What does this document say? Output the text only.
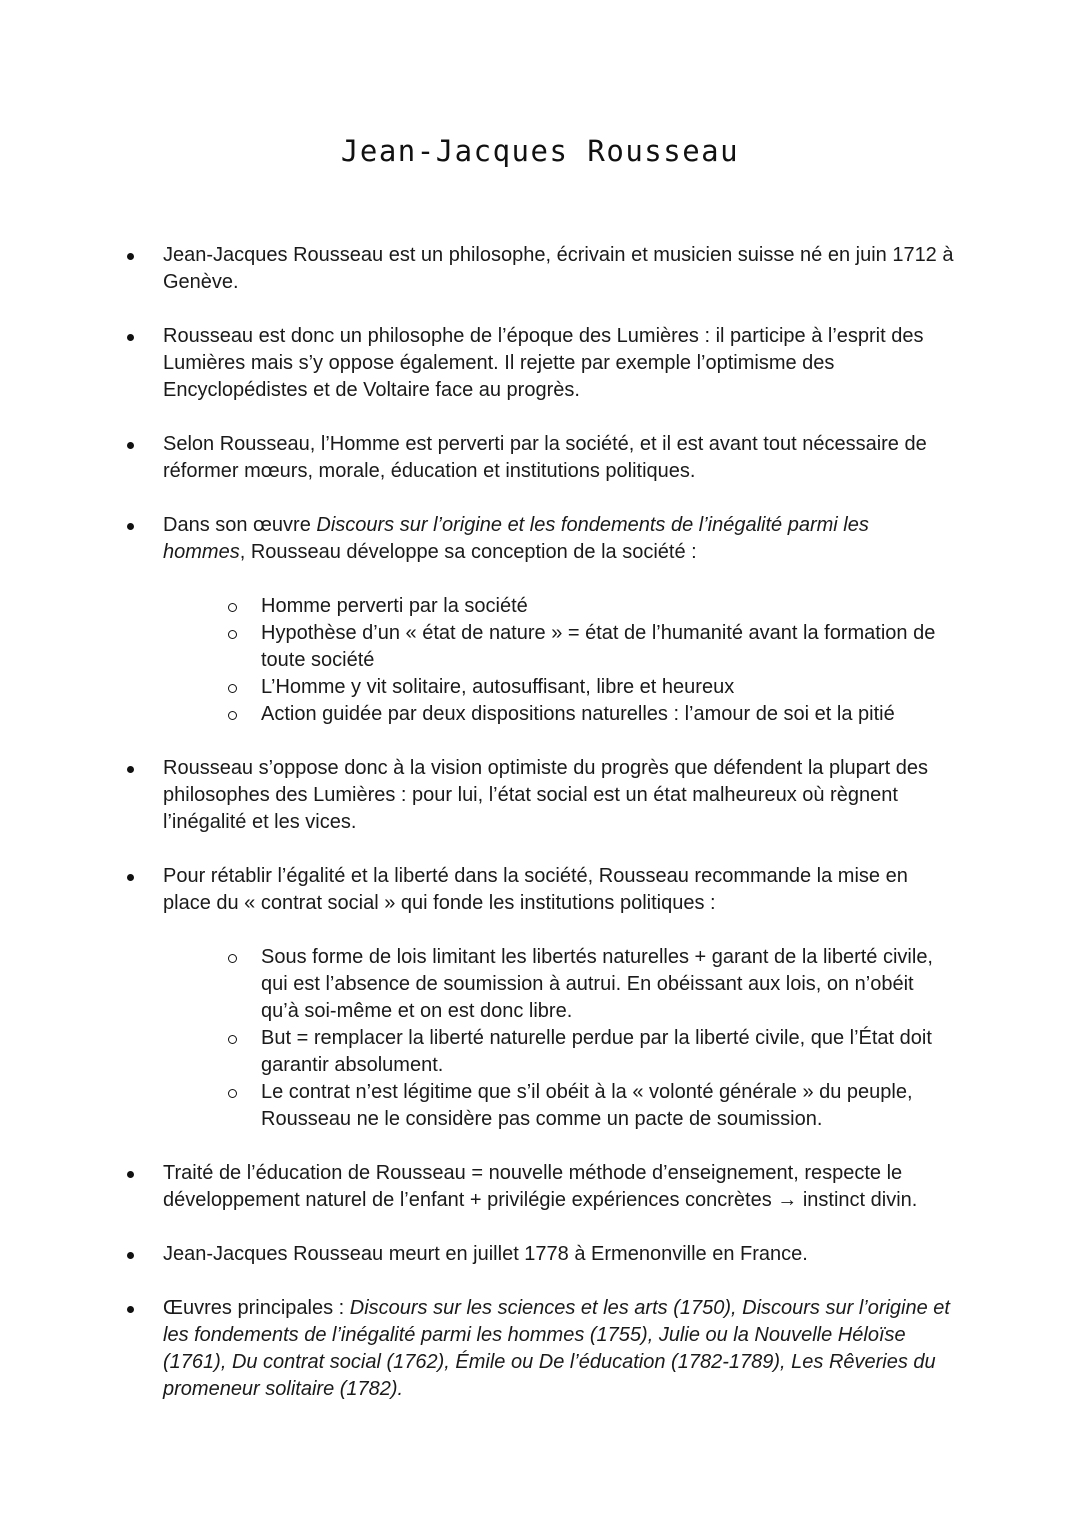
Jean-Jacques Rousseau
Jean-Jacques Rousseau est un philosophe, écrivain et musicien suisse né en juin 1712 à Genève.
Rousseau est donc un philosophe de l’époque des Lumières : il participe à l’esprit des Lumières mais s’y oppose également. Il rejette par exemple l’optimisme des Encyclopédistes et de Voltaire face au progrès.
Selon Rousseau, l’Homme est perverti par la société, et il est avant tout nécessaire de réformer mœurs, morale, éducation et institutions politiques.
Dans son œuvre Discours sur l’origine et les fondements de l’inégalité parmi les hommes, Rousseau développe sa conception de la société :
Homme perverti par la société
Hypothèse d’un « état de nature » = état de l’humanité avant la formation de toute société
L’Homme y vit solitaire, autosuffisant, libre et heureux
Action guidée par deux dispositions naturelles : l’amour de soi et la pitié
Rousseau s’oppose donc à la vision optimiste du progrès que défendent la plupart des philosophes des Lumières : pour lui, l’état social est un état malheureux où règnent l’inégalité et les vices.
Pour rétablir l’égalité et la liberté dans la société, Rousseau recommande la mise en place du « contrat social » qui fonde les institutions politiques :
Sous forme de lois limitant les libertés naturelles + garant de la liberté civile, qui est l’absence de soumission à autrui. En obéissant aux lois, on n’obéit qu’à soi-même et on est donc libre.
But = remplacer la liberté naturelle perdue par la liberté civile, que l’État doit garantir absolument.
Le contrat n’est légitime que s’il obéit à la « volonté générale » du peuple, Rousseau ne le considère pas comme un pacte de soumission.
Traité de l’éducation de Rousseau = nouvelle méthode d’enseignement, respecte le développement naturel de l’enfant + privilégie expériences concrètes → instinct divin.
Jean-Jacques Rousseau meurt en juillet 1778 à Ermenonville en France.
Œuvres principales : Discours sur les sciences et les arts (1750), Discours sur l’origine et les fondements de l’inégalité parmi les hommes (1755), Julie ou la Nouvelle Héloïse (1761), Du contrat social (1762), Émile ou De l’éducation (1782-1789), Les Rêveries du promeneur solitaire (1782).
